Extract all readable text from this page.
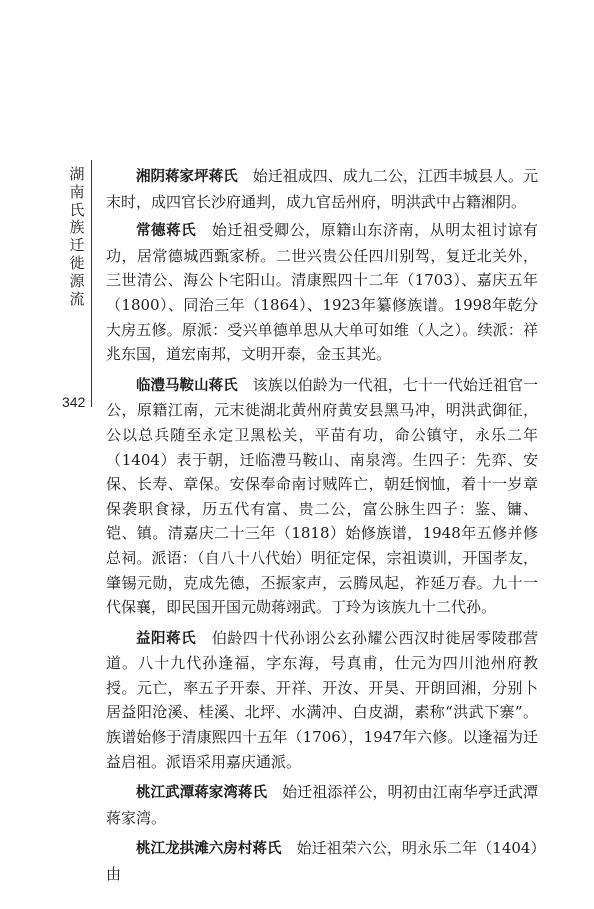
湖南氏族迁徙源流
342

湘阴蒋家坪蒋氏　 始迁祖成四、成九二公，江西丰城县人。元末时，成四官长沙府通判，成九官岳州府，明洪武中占籍湘阴。

常德蒋氏　 始迁祖受卿公，原籍山东济南，从明太祖讨谅有功，居常德城西甄家桥。二世兴贵公任四川别驾，复迁北关外，三世清公、海公卜宅阳山。清康熙四十二年（1703）、嘉庆五年（1800）、同治三年（1864）、1923年纂修族谱。1998年乾分大房五修。原派：受兴单德单思从大单可如维（人之）。续派：祥兆东国，道宏南邦，文明开泰，金玉其光。

临澧马鞍山蒋氏　 该族以伯龄为一代祖，七十一代始迁祖官一公，原籍江南，元末徙湖北黄州府黄安县黑马冲，明洪武御征，公以总兵随至永定卫黑松关，平苗有功，命公镇守，永乐二年（1404）表于朝，迁临澧马鞍山、南泉湾。生四子：先弈、安保、长寿、章保。安保奉命南讨贼阵亡，朝廷悯恤，着十一岁章保袭职食禄，历五代有富、贵二公，富公脉生四子：鉴、镛、铠、镇。清嘉庆二十三年（1818）始修族谱，1948年五修并修总祠。派语：（自八十八代始）明征定保，宗祖谟训，开国孝友，肇锡元勋，克成先德，丕振家声，云腾凤起，祚延万春。九十一代保襄，即民国开国元勋蒋翊武。丁玲为该族九十二代孙。

益阳蒋氏　 伯龄四十代孙诩公玄孙耀公西汉时徙居零陵郡营道。八十九代孙逢福，字东海，号真甫，仕元为四川池州府教授。元亡，率五子开泰、开祥、开汝、开昊、开朗回湘，分别卜居益阳沧溪、桂溪、北坪、水满冲、白皮湖，素称“洪武下寨”。族谱始修于清康熙四十五年（1706），1947年六修。以逢福为迁益启祖。派语采用嘉庆通派。

桃江武潭蒋家湾蒋氏　 始迁祖添祥公，明初由江南华亭迁武潭蒋家湾。

桃江龙拱滩六房村蒋氏　 始迁祖荣六公，明永乐二年（1404）由
